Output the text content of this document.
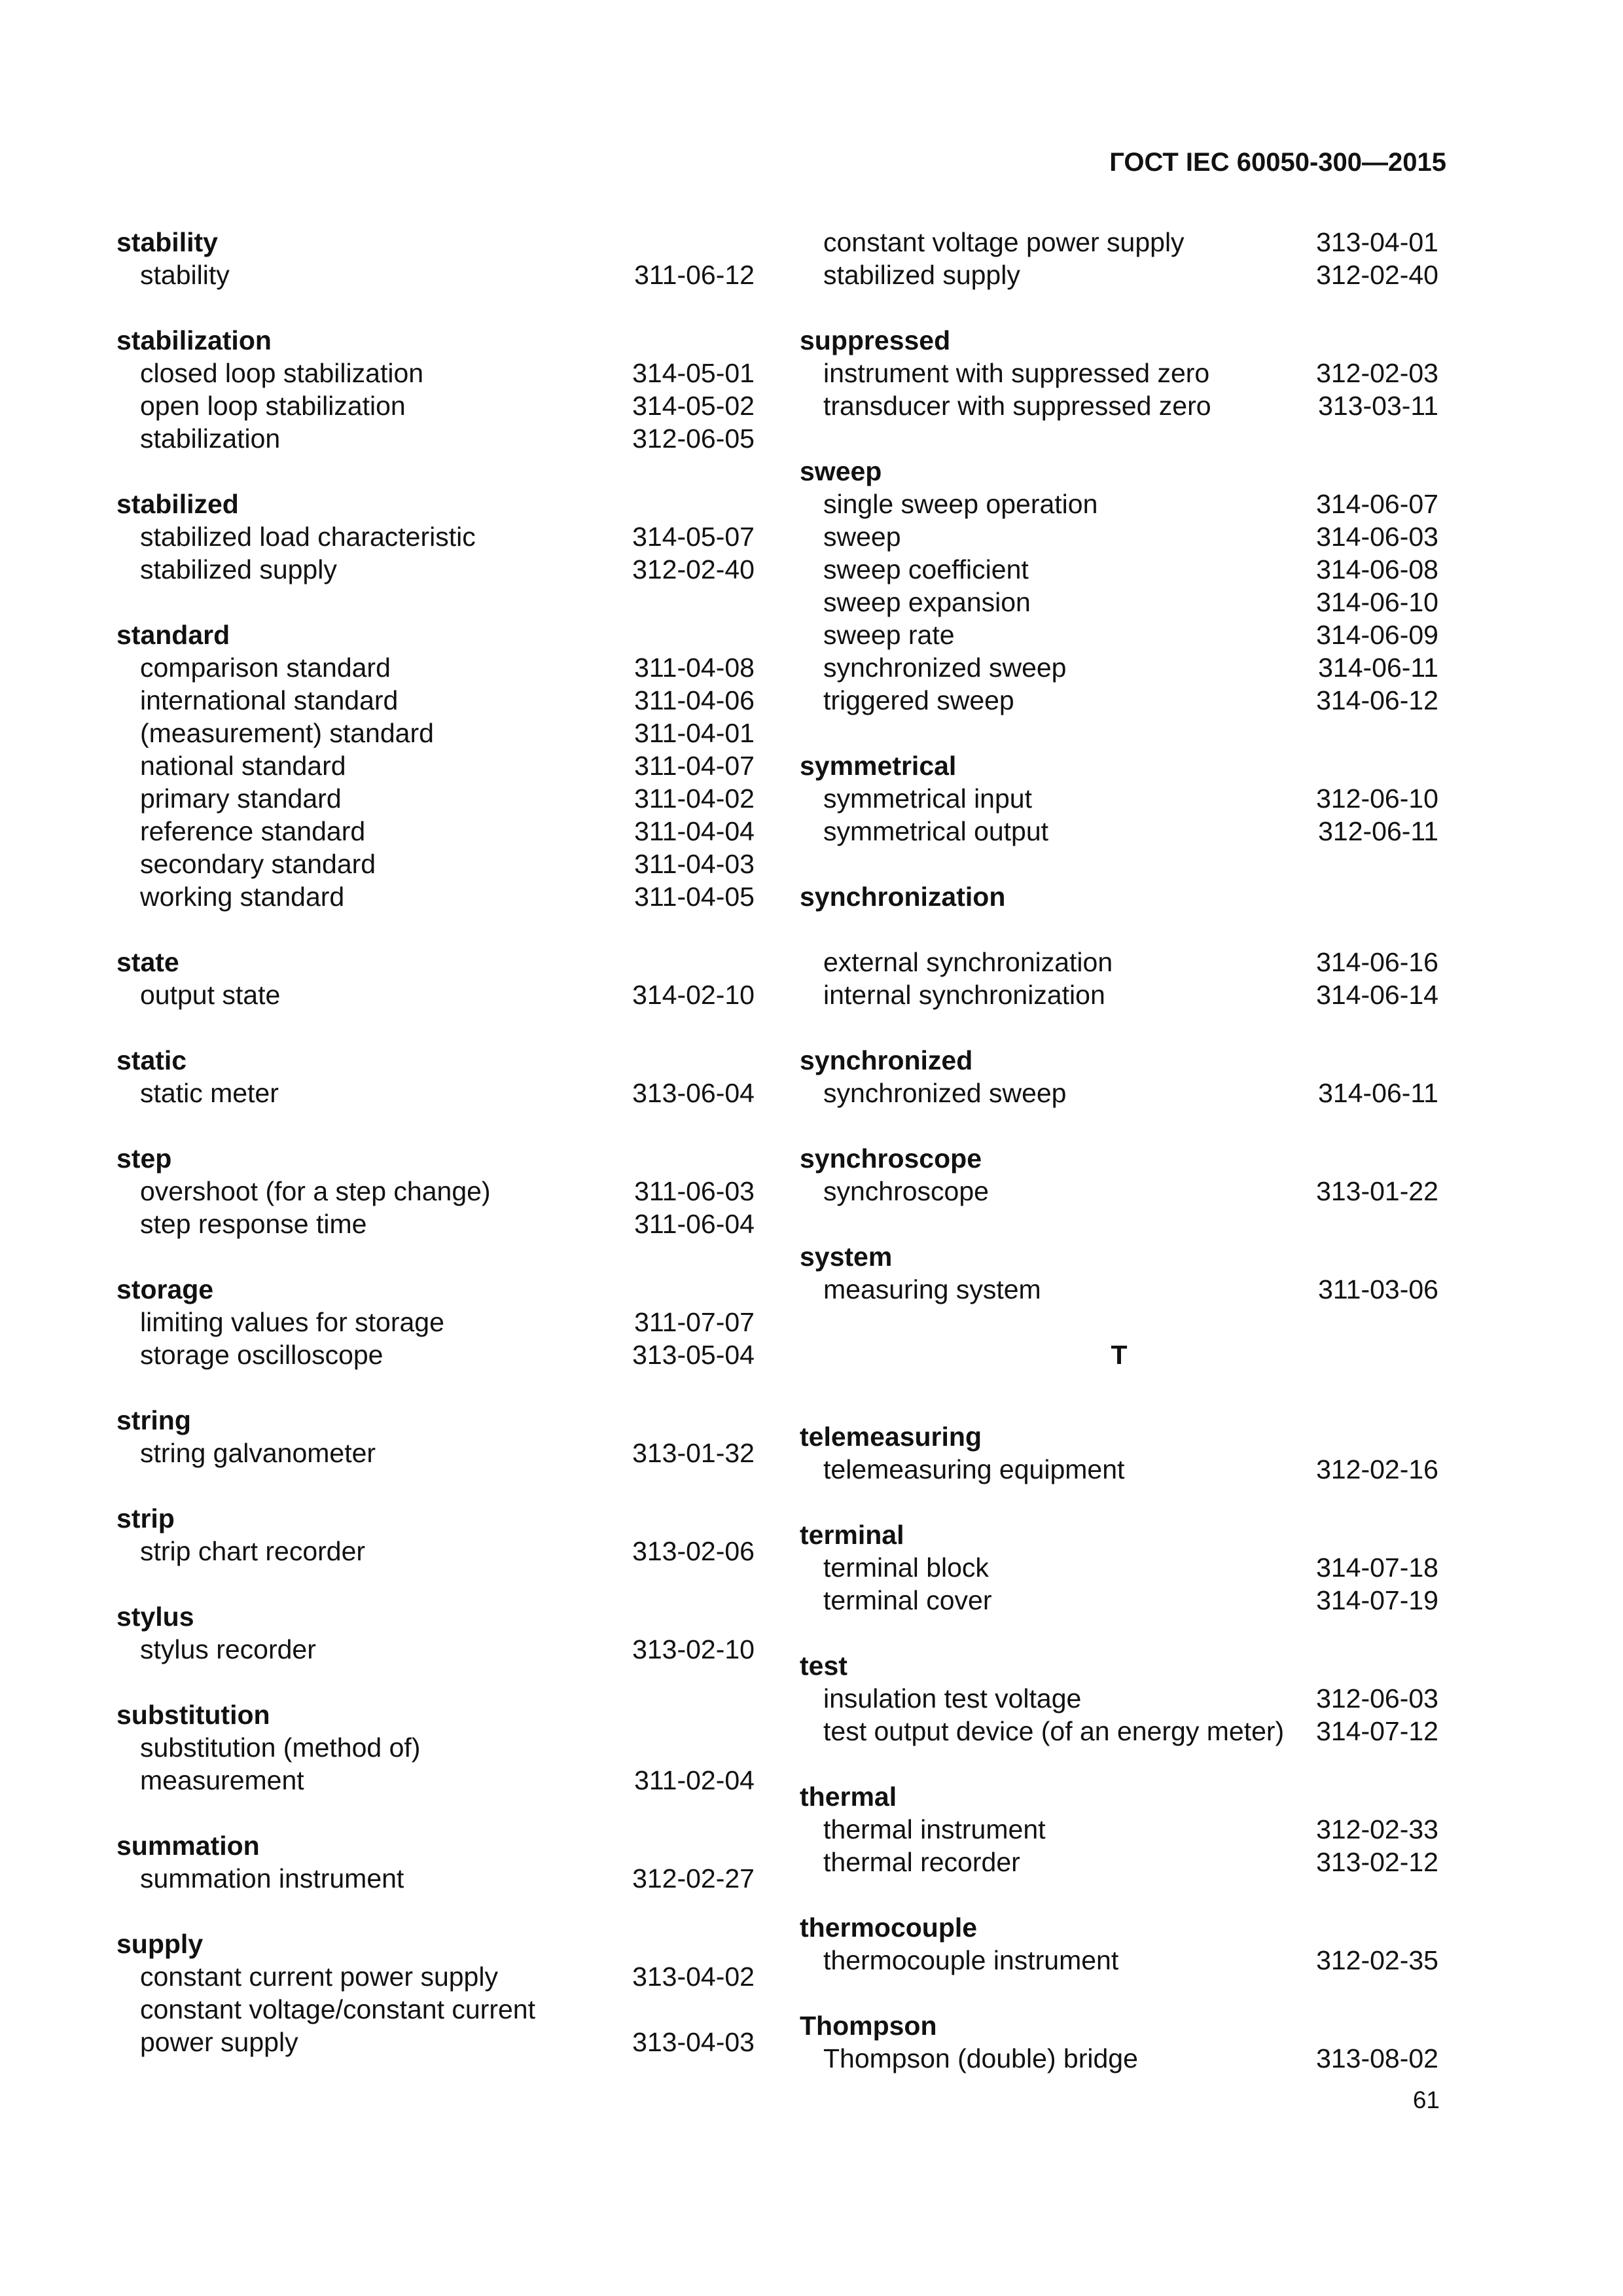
ГОСТ IEC 60050-300—2015
stability
stability	311-06-12
stabilization
closed loop stabilization	314-05-01
open loop stabilization	314-05-02
stabilization	312-06-05
stabilized
stabilized load characteristic	314-05-07
stabilized supply	312-02-40
standard
comparison standard	311-04-08
international standard	311-04-06
(measurement) standard	311-04-01
national standard	311-04-07
primary standard	311-04-02
reference standard	311-04-04
secondary standard	311-04-03
working standard	311-04-05
state
output state	314-02-10
static
static meter	313-06-04
step
overshoot (for a step change)	311-06-03
step response time	311-06-04
storage
limiting values for storage	311-07-07
storage oscilloscope	313-05-04
string
string galvanometer	313-01-32
strip
strip chart recorder	313-02-06
stylus
stylus recorder	313-02-10
substitution
substitution (method of)
measurement	311-02-04
summation
summation instrument	312-02-27
supply
constant current power supply	313-04-02
constant voltage/constant current
power supply	313-04-03
constant voltage power supply	313-04-01
stabilized supply	312-02-40
suppressed
instrument with suppressed zero	312-02-03
transducer with suppressed zero	313-03-11
sweep
single sweep operation	314-06-07
sweep	314-06-03
sweep coefficient	314-06-08
sweep expansion	314-06-10
sweep rate	314-06-09
synchronized sweep	314-06-11
triggered sweep	314-06-12
symmetrical
symmetrical input	312-06-10
symmetrical output	312-06-11
synchronization
external synchronization	314-06-16
internal synchronization	314-06-14
synchronized
synchronized sweep	314-06-11
synchroscope
synchroscope	313-01-22
system
measuring system	311-03-06
T
telemeasuring
telemeasuring equipment	312-02-16
terminal
terminal block	314-07-18
terminal cover	314-07-19
test
insulation test voltage	312-06-03
test output device (of an energy meter)	314-07-12
thermal
thermal instrument	312-02-33
thermal recorder	313-02-12
thermocouple
thermocouple instrument	312-02-35
Thompson
Thompson (double) bridge	313-08-02
61
